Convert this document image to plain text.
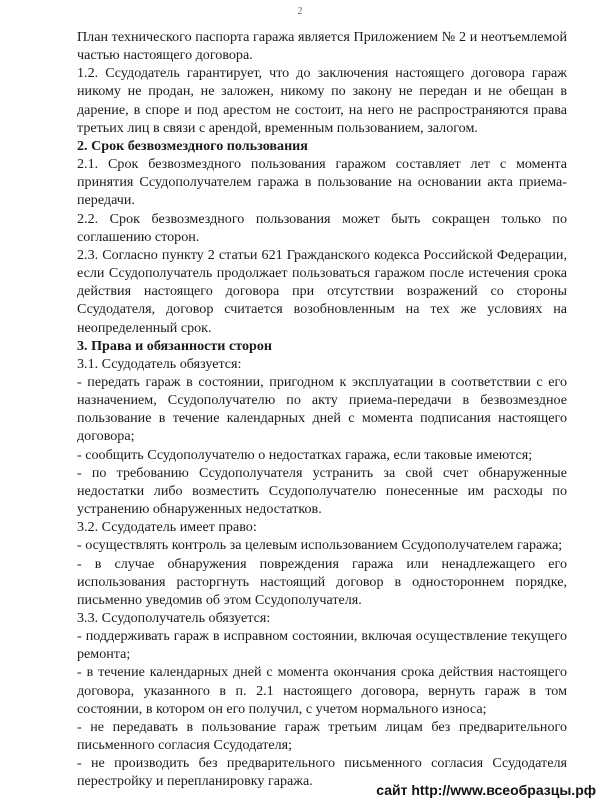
2
План технического паспорта гаража является Приложением № 2 и неотъемлемой частью настоящего договора.
1.2. Ссудодатель гарантирует, что до заключения настоящего договора гараж никому не продан, не заложен, никому по закону не передан и не обещан в дарение, в споре и под арестом не состоит, на него не распространяются права третьих лиц в связи с арендой, временным пользованием, залогом.
2. Срок безвозмездного пользования
2.1. Срок безвозмездного пользования гаражом составляет лет с момента принятия Ссудополучателем гаража в пользование на основании акта приема-передачи.
2.2. Срок безвозмездного пользования может быть сокращен только по соглашению сторон.
2.3. Согласно пункту 2 статьи 621 Гражданского кодекса Российской Федерации, если Ссудополучатель продолжает пользоваться гаражом после истечения срока действия настоящего договора при отсутствии возражений со стороны Ссудодателя, договор считается возобновленным на тех же условиях на неопределенный срок.
3. Права и обязанности сторон
3.1. Ссудодатель обязуется:
- передать гараж в состоянии, пригодном к эксплуатации в соответствии с его назначением, Ссудополучателю по акту приема-передачи в безвозмездное пользование в течение календарных дней с момента подписания настоящего договора;
- сообщить Ссудополучателю о недостатках гаража, если таковые имеются;
- по требованию Ссудополучателя устранить за свой счет обнаруженные недостатки либо возместить Ссудополучателю понесенные им расходы по устранению обнаруженных недостатков.
3.2. Ссудодатель имеет право:
- осуществлять контроль за целевым использованием Ссудополучателем гаража;
- в случае обнаружения повреждения гаража или ненадлежащего его использования расторгнуть настоящий договор в одностороннем порядке, письменно уведомив об этом Ссудополучателя.
3.3. Ссудополучатель обязуется:
- поддерживать гараж в исправном состоянии, включая осуществление текущего ремонта;
- в течение календарных дней с момента окончания срока действия настоящего договора, указанного в п. 2.1 настоящего договора, вернуть гараж в том состоянии, в котором он его получил, с учетом нормального износа;
- не передавать в пользование гараж третьим лицам без предварительного письменного согласия Ссудодателя;
- не производить без предварительного письменного согласия Ссудодателя перестройку и перепланировку гаража.
сайт http://www.всеобразцы.рф
